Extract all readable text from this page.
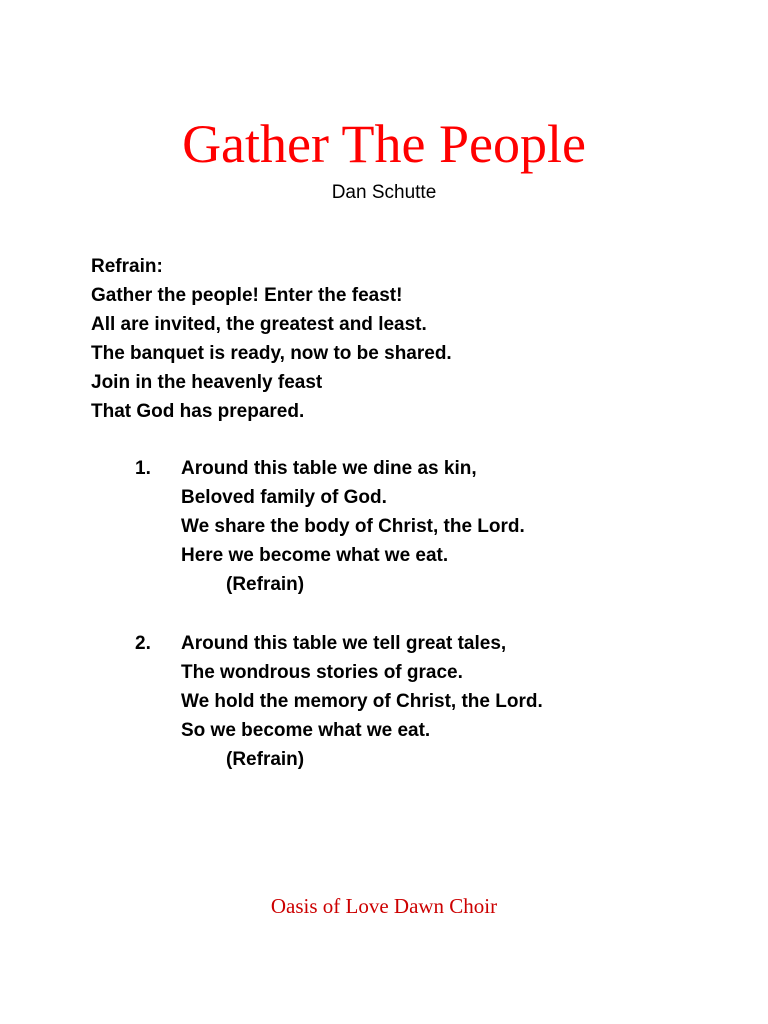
Gather The People
Dan Schutte
Refrain:
Gather the people! Enter the feast!
All are invited, the greatest and least.
The banquet is ready, now to be shared.
Join in the heavenly feast
That God has prepared.
1. Around this table we dine as kin,
Beloved family of God.
We share the body of Christ, the Lord.
Here we become what we eat.
(Refrain)
2. Around this table we tell great tales,
The wondrous stories of grace.
We hold the memory of Christ, the Lord.
So we become what we eat.
(Refrain)
Oasis of Love Dawn Choir
